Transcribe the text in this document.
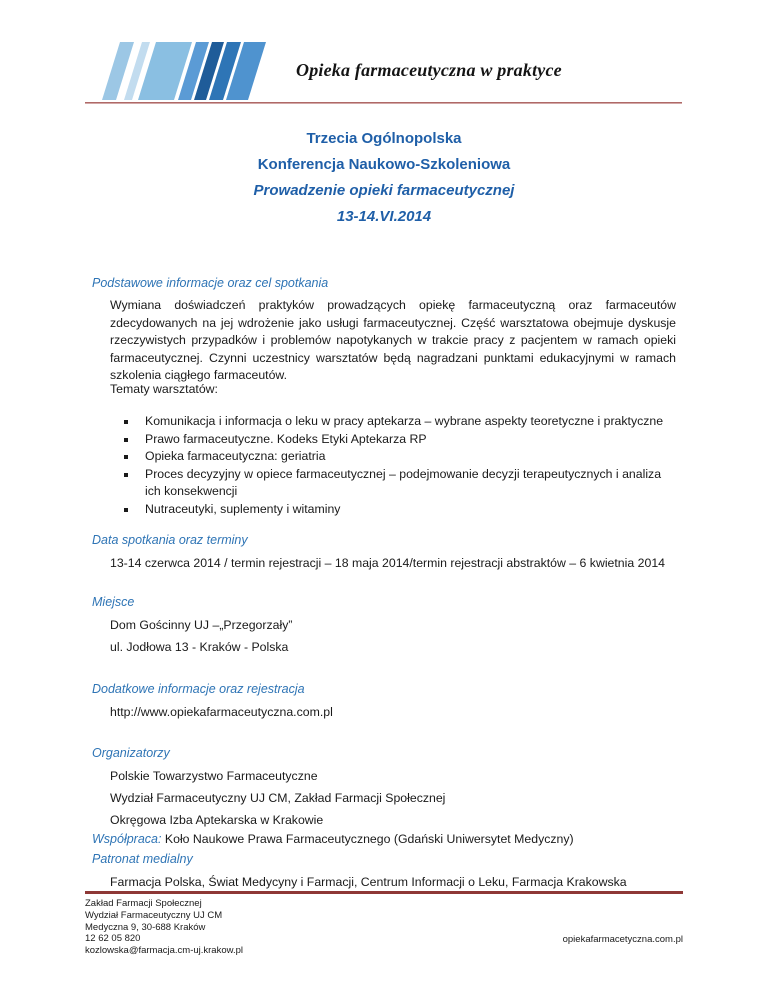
Opieka farmaceutyczna w praktyce
Trzecia Ogólnopolska
Konferencja Naukowo-Szkoleniowa
Prowadzenie opieki farmaceutycznej
13-14.VI.2014
Podstawowe informacje oraz cel spotkania
Wymiana doświadczeń praktyków prowadzących opiekę farmaceutyczną oraz farmaceutów zdecydowanych na jej wdrożenie jako usługi farmaceutycznej. Część warsztatowa obejmuje dyskusje rzeczywistych przypadków i problemów napotykanych w trakcie pracy z pacjentem w ramach opieki farmaceutycznej. Czynni uczestnicy warsztatów będą nagradzani punktami edukacyjnymi w ramach szkolenia ciągłego farmaceutów.
Tematy warsztatów:
Komunikacja i informacja o leku w pracy aptekarza – wybrane aspekty teoretyczne i praktyczne
Prawo farmaceutyczne. Kodeks Etyki Aptekarza RP
Opieka farmaceutyczna: geriatria
Proces decyzyjny w opiece farmaceutycznej – podejmowanie decyzji terapeutycznych i analiza ich konsekwencji
Nutraceutyki, suplementy i witaminy
Data spotkania oraz terminy
13-14 czerwca 2014 / termin rejestracji – 18 maja 2014/termin rejestracji abstraktów – 6 kwietnia 2014
Miejsce
Dom Gościnny UJ –„Przegorzały”
ul. Jodłowa 13 - Kraków - Polska
Dodatkowe informacje oraz rejestracja
http://www.opiekafarmaceutyczna.com.pl
Organizatorzy
Polskie Towarzystwo Farmaceutyczne
Wydział Farmaceutyczny UJ CM, Zakład Farmacji Społecznej
Okręgowa Izba Aptekarska w Krakowie
Współpraca: Koło Naukowe Prawa Farmaceutycznego (Gdański Uniwersytet Medyczny)
Patronat medialny
Farmacja Polska, Świat Medycyny i Farmacji, Centrum Informacji o Leku, Farmacja Krakowska
Zakład Farmacji Społecznej
Wydział Farmaceutyczny UJ CM
Medyczna 9, 30-688 Kraków
12 62 05 820
kozlowska@farmacja.cm-uj.krakow.pl
opiekafarmacetyczna.com.pl
